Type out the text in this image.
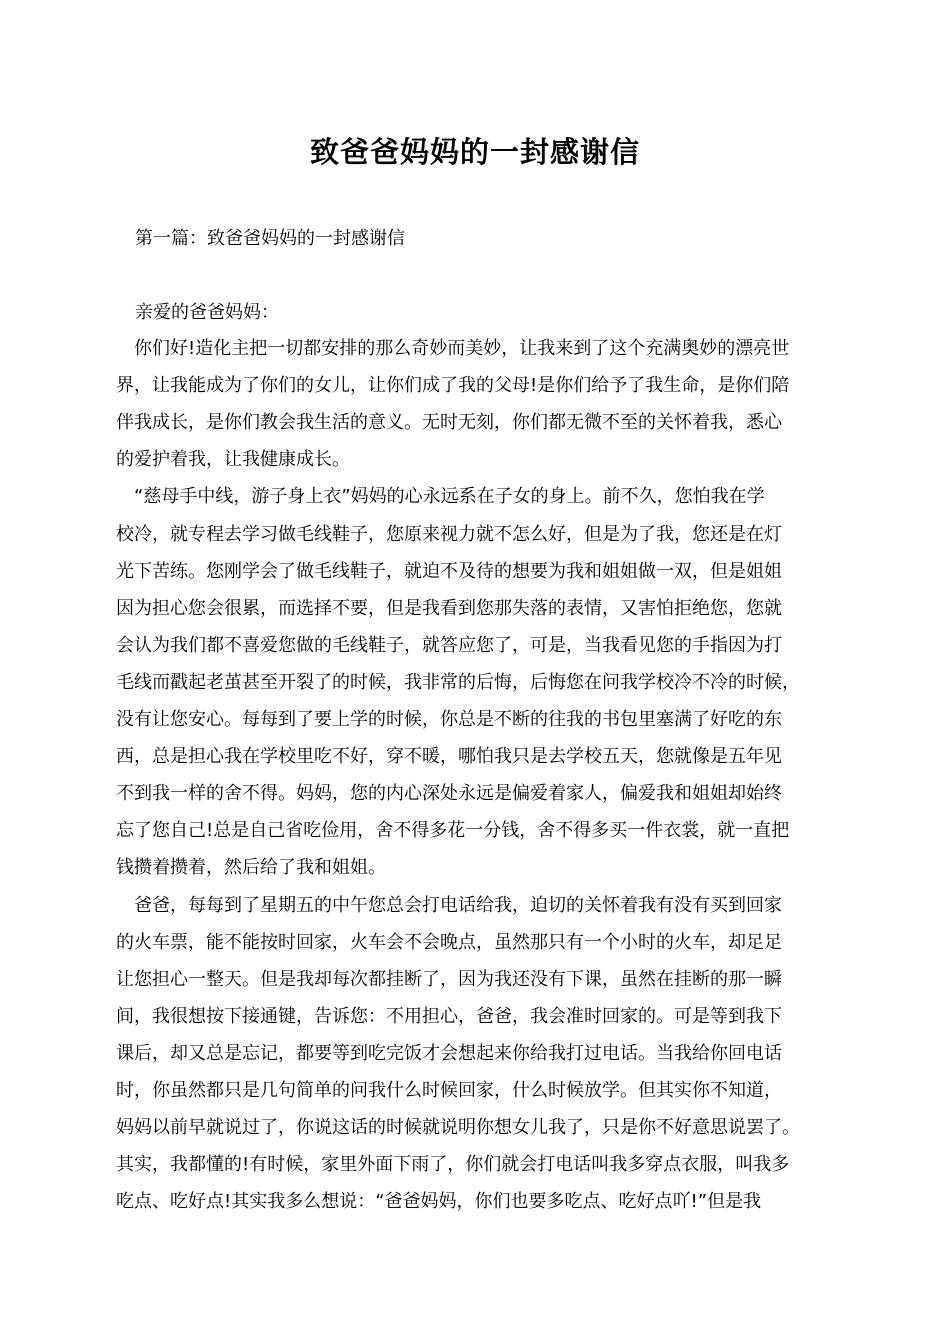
致爸爸妈妈的一封感谢信

第一篇：致爸爸妈妈的一封感谢信

亲爱的爸爸妈妈：

　你们好!造化主把一切都安排的那么奇妙而美妙，让我来到了这个充满奥妙的漂亮世
界，让我能成为了你们的女儿，让你们成了我的父母!是你们给予了我生命，是你们陪
伴我成长，是你们教会我生活的意义。无时无刻，你们都无微不至的关怀着我，悉心
的爱护着我，让我健康成长。
　“慈母手中线，游子身上衣”妈妈的心永远系在子女的身上。前不久，您怕我在学
校冷，就专程去学习做毛线鞋子，您原来视力就不怎么好，但是为了我，您还是在灯
光下苦练。您刚学会了做毛线鞋子，就迫不及待的想要为我和姐姐做一双，但是姐姐
因为担心您会很累，而选择不要，但是我看到您那失落的表情，又害怕拒绝您，您就
会认为我们都不喜爱您做的毛线鞋子，就答应您了，可是，当我看见您的手指因为打
毛线而戳起老茧甚至开裂了的时候，我非常的后悔，后悔您在问我学校冷不冷的时候，
没有让您安心。每每到了要上学的时候，你总是不断的往我的书包里塞满了好吃的东
西，总是担心我在学校里吃不好，穿不暖，哪怕我只是去学校五天，您就像是五年见
不到我一样的舍不得。妈妈，您的内心深处永远是偏爱着家人，偏爱我和姐姐却始终
忘了您自己!总是自己省吃俭用，舍不得多花一分钱，舍不得多买一件衣裳，就一直把
钱攒着攒着，然后给了我和姐姐。
　爸爸，每每到了星期五的中午您总会打电话给我，迫切的关怀着我有没有买到回家
的火车票，能不能按时回家，火车会不会晚点，虽然那只有一个小时的火车，却足足
让您担心一整天。但是我却每次都挂断了，因为我还没有下课，虽然在挂断的那一瞬
间，我很想按下接通键，告诉您：不用担心，爸爸，我会准时回家的。可是等到我下
课后，却又总是忘记，都要等到吃完饭才会想起来你给我打过电话。当我给你回电话
时，你虽然都只是几句简单的问我什么时候回家，什么时候放学。但其实你不知道，
妈妈以前早就说过了，你说这话的时候就说明你想女儿我了，只是你不好意思说罢了。
其实，我都懂的!有时候，家里外面下雨了，你们就会打电话叫我多穿点衣服，叫我多
吃点、吃好点!其实我多么想说：“爸爸妈妈，你们也要多吃点、吃好点吖!”但是我
